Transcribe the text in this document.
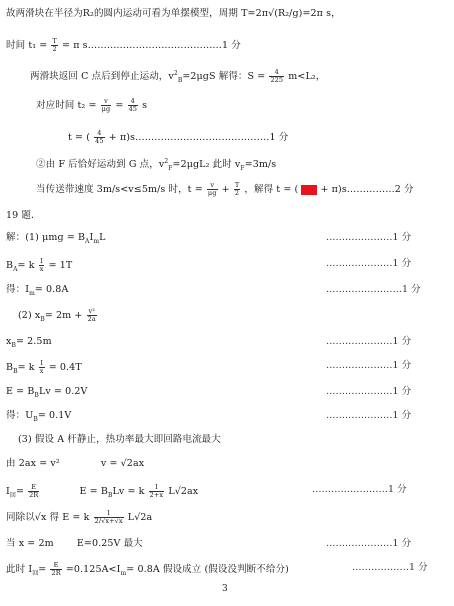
故两滑块在半径为R₂的圆内运动可看为单摆模型，周期 T=2π√(R₂/g)=2π s，
时间 $t_1 = \frac{T}{2} = \pi$ s……………………………………1 分
两滑块返回 C 点后到停止运动，$v^2_B=2\mu gS$ 解得：$S = \frac{4}{225} m<L_2$，
对应时间 $t_2 = \frac{v}{\mu g} = \frac{4}{45}$ s
t = ( $\frac{4}{45}$ + π)s……………………………………1 分
②由 F 后恰好运动到 G 点，$v^2_F=2\mu gL_2$ 此时 $v_F=3m/s$
当传送带速度 3m/s<v≤5m/s 时，$t = \frac{v}{\mu g} + \frac{T}{2}$ ，解得 t = ( ▮▮ + π)s……………2 分
19 题．
解：(1) $\mu mg = B_AI_mL$	…………………1 分
$B_A= k \frac{I}{x} = 1T$	…………………1 分
得：$I_m= 0.8A$	……………………1 分
(2) $x_B= 2m + \frac{\text{v²}}{2a}$
$x_B= 2.5m$	…………………1 分
$B_B= k \frac{I}{x} = 0.4T$	…………………1 分
$E = B_BLv = 0.2V$	…………………1 分
得：$U_B= 0.1V$	…………………1 分
(3) 假设 A 杆静止，热功率最大即回路电流最大
由 2ax = v²	v = √2ax
$I_回= \frac{E}{2R}$	$E = B_BLv = k \frac{I}{2+x} L√2ax$	……………………1 分
同除以√x 得 E = k $\frac{I}{2/√x+√x} L√2a$
当 x = 2m E=0.25V 最大	…………………1 分
此时 $I_回= \frac{E}{2R} =0.125A<I_m= 0.8A$ 假设成立 (假设没判断不给分)	………………1 分
3
